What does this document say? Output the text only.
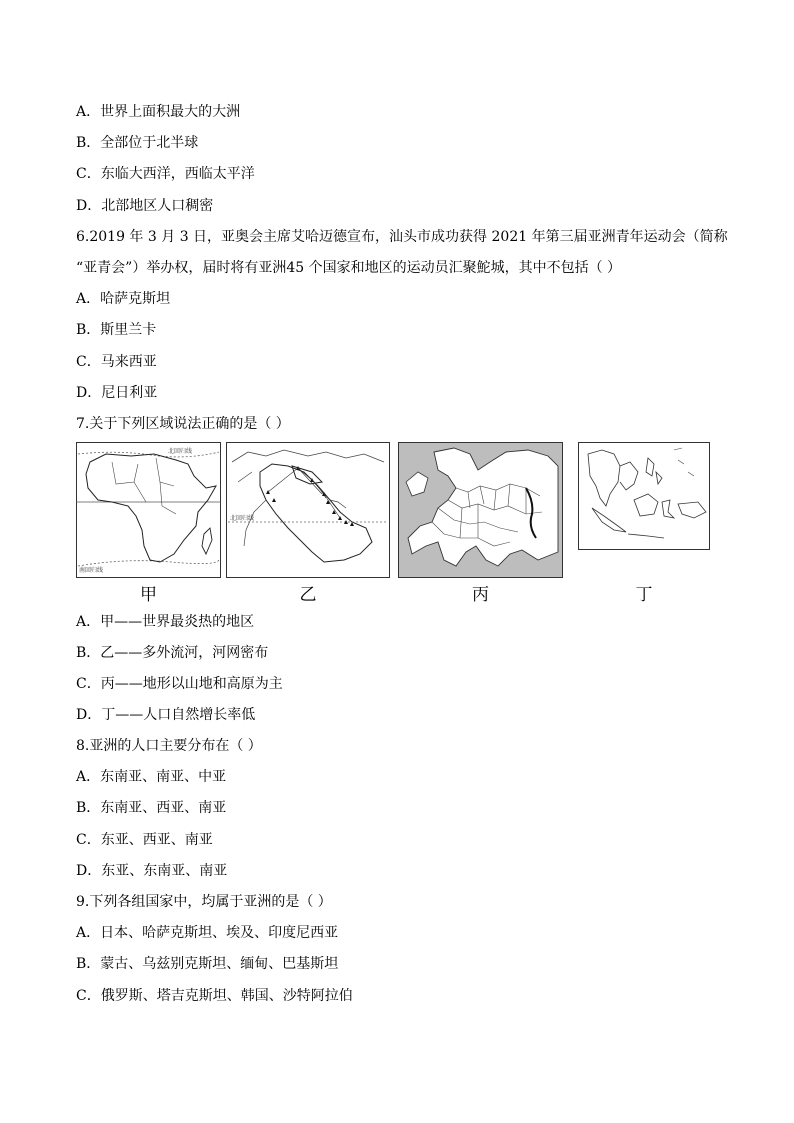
A．世界上面积最大的大洲
B．全部位于北半球
C．东临大西洋，西临太平洋
D．北部地区人口稠密
6.2019 年 3 月 3 日，亚奥会主席艾哈迈德宣布，汕头市成功获得 2021 年第三届亚洲青年运动会（简称
“亚青会”）举办权，届时将有亚洲45 个国家和地区的运动员汇聚鮀城，其中不包括（ ）
A．哈萨克斯坦
B．斯里兰卡
C．马来西亚
D．尼日利亚
7.关于下列区域说法正确的是（ ）
北回归线
南回归线
甲
北回归线
乙	丙	丁
A．甲——世界最炎热的地区
B．乙——多外流河，河网密布
C．丙——地形以山地和高原为主
D．丁——人口自然增长率低
8.亚洲的人口主要分布在（ ）
A．东南亚、南亚、中亚
B．东南亚、西亚、南亚
C．东亚、西亚、南亚
D．东亚、东南亚、南亚
9.下列各组国家中，均属于亚洲的是（ ）
A．日本、哈萨克斯坦、埃及、印度尼西亚
B．蒙古、乌兹别克斯坦、缅甸、巴基斯坦
C．俄罗斯、塔吉克斯坦、韩国、沙特阿拉伯
